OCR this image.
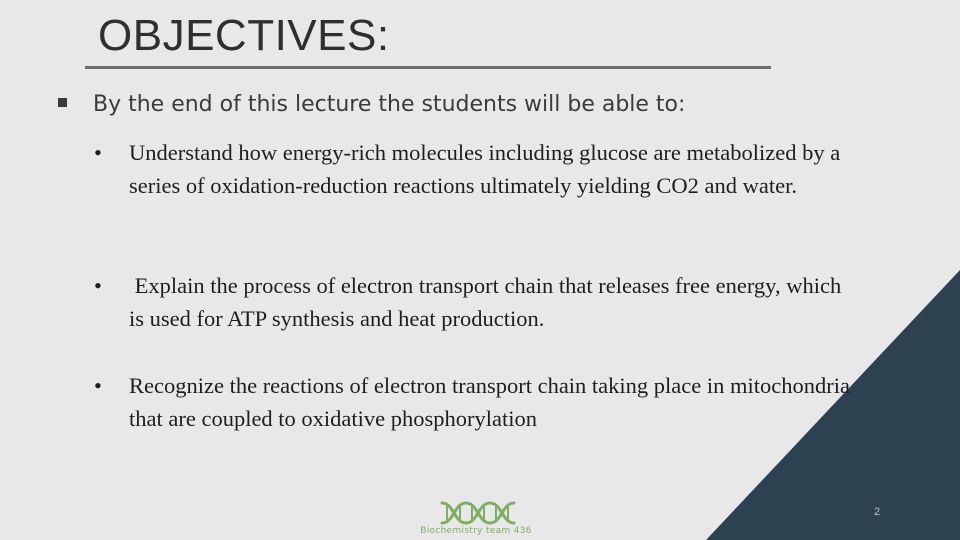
OBJECTIVES:
By the end of this lecture the students will be able to:
• Understand how energy-rich molecules including glucose are metabolized by a series of oxidation-reduction reactions ultimately yielding CO2 and water.
• Explain the process of electron transport chain that releases free energy, which is used for ATP synthesis and heat production.
• Recognize the reactions of electron transport chain taking place in mitochondria that are coupled to oxidative phosphorylation
Biochemistry team 436
2
